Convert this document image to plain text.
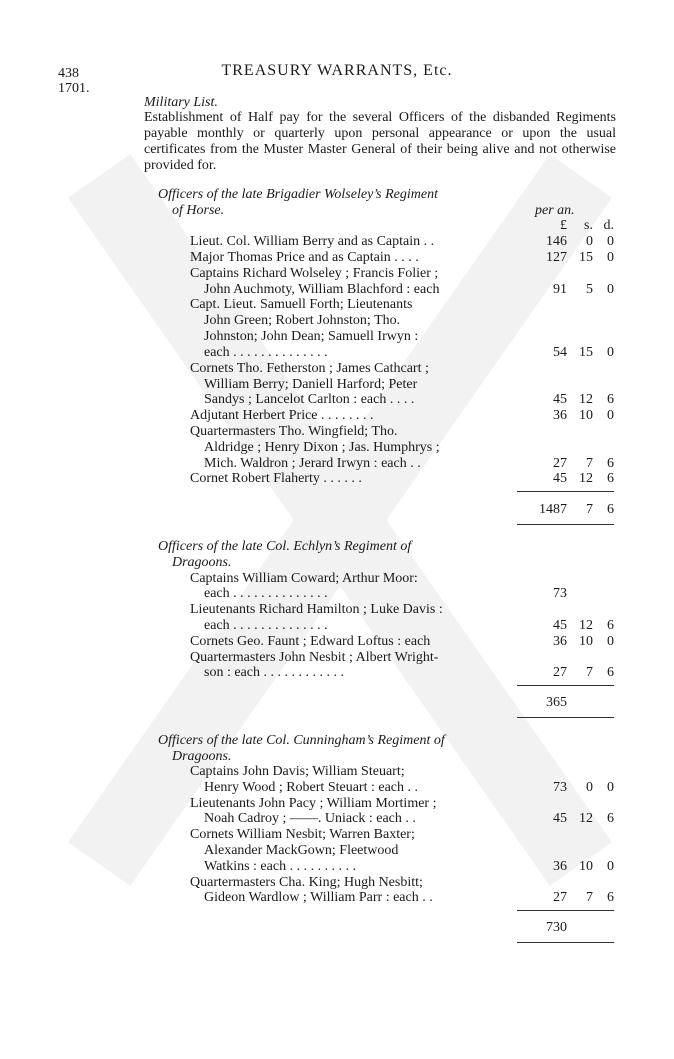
438	TREASURY WARRANTS, Etc.
1701.
Military List.
Establishment of Half pay for the several Officers of the disbanded Regiments payable monthly or quarterly upon personal appearance or upon the usual certificates from the Muster Master General of their being alive and not otherwise provided for.
Officers of the late Brigadier Wolseley’s Regiment
of Horse.	per an.
£	s. d.
Lieut. Col. William Berry and as Captain . .	146	0	0
Major Thomas Price and as Captain . . . .	127 15	0
Captains Richard Wolseley ; Francis Folier ;
John Auchmoty, William Blachford : each	91	5	0
Capt. Lieut. Samuell Forth; Lieutenants
John Green; Robert Johnston; Tho.
Johnston; John Dean; Samuell Irwyn :
each . . . . . . . . . . . . . .	54 15	0
Cornets Tho. Fetherston ; James Cathcart ;
William Berry; Daniell Harford; Peter
Sandys ; Lancelot Carlton : each . . . .	45 12	6
Adjutant Herbert Price . . . . . . . .	36 10	0
Quartermasters Tho. Wingfield; Tho.
Aldridge ; Henry Dixon ; Jas. Humphrys ;
Mich. Waldron ; Jerard Irwyn : each . .	27	7	6
Cornet Robert Flaherty . . . . . .	45 12	6
1487	7	6
Officers of the late Col. Echlyn’s Regiment of
Dragoons.
Captains William Coward; Arthur Moor:
each . . . . . . . . . . . . . .	73
Lieutenants Richard Hamilton ; Luke Davis :
each . . . . . . . . . . . . . .	45 12	6
Cornets Geo. Faunt ; Edward Loftus : each	36 10	0
Quartermasters John Nesbit ; Albert Wright-
son : each . . . . . . . . . . . .	27	7	6
365
Officers of the late Col. Cunningham’s Regiment of
Dragoons.
Captains John Davis; William Steuart;
Henry Wood ; Robert Steuart : each . .	73	0	0
Lieutenants John Pacy ; William Mortimer ;
Noah Cadroy ; ——. Uniack : each . .	45 12	6
Cornets William Nesbit; Warren Baxter;
Alexander MackGown; Fleetwood
Watkins : each . . . . . . . . . .	36 10	0
Quartermasters Cha. King; Hugh Nesbitt;
Gideon Wardlow ; William Parr : each . .	27	7	6
730
